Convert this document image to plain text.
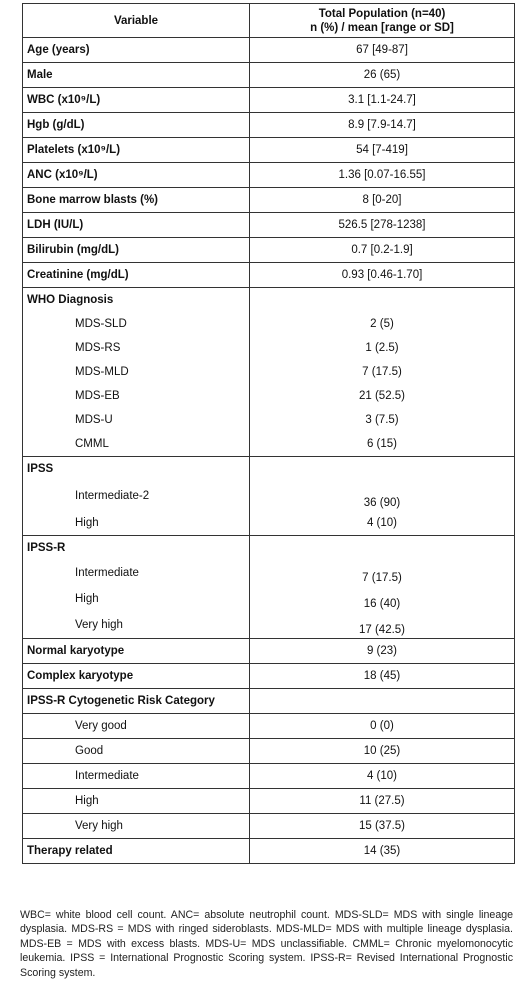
Variable	Total Population (n=40)
n (%) / mean [range or SD]
Age (years)	67 [49-87]
Male	26 (65)
WBC (x10⁹/L)	3.1 [1.1-24.7]
Hgb (g/dL)	8.9 [7.9-14.7]
Platelets (x10⁹/L)	54 [7-419]
ANC (x10⁹/L)	1.36 [0.07-16.55]
Bone marrow blasts (%)	8 [0-20]
LDH (IU/L)	526.5 [278-1238]
Bilirubin (mg/dL)	0.7 [0.2-1.9]
Creatinine (mg/dL)	0.93 [0.46-1.70]
WHO Diagnosis	
MDS-SLD	2 (5)
MDS-RS	1 (2.5)
MDS-MLD	7 (17.5)
MDS-EB	21 (52.5)
MDS-U	3 (7.5)
CMML	6 (15)
IPSS	
Intermediate-2	36 (90)
High	4 (10)
IPSS-R	
Intermediate	7 (17.5)
High	16 (40)
Very high	17 (42.5)
Normal karyotype	9 (23)
Complex karyotype	18 (45)
IPSS-R Cytogenetic Risk Category	
Very good	0 (0)
Good	10 (25)
Intermediate	4 (10)
High	11 (27.5)
Very high	15 (37.5)
Therapy related	14 (35)
WBC= white blood cell count. ANC= absolute neutrophil count. MDS-SLD= MDS with single lineage dysplasia. MDS-RS = MDS with ringed sideroblasts. MDS-MLD= MDS with multiple lineage dysplasia. MDS-EB = MDS with excess blasts. MDS-U= MDS unclassifiable. CMML= Chronic myelomonocytic leukemia. IPSS = International Prognostic Scoring system. IPSS-R= Revised International Prognostic Scoring system.
